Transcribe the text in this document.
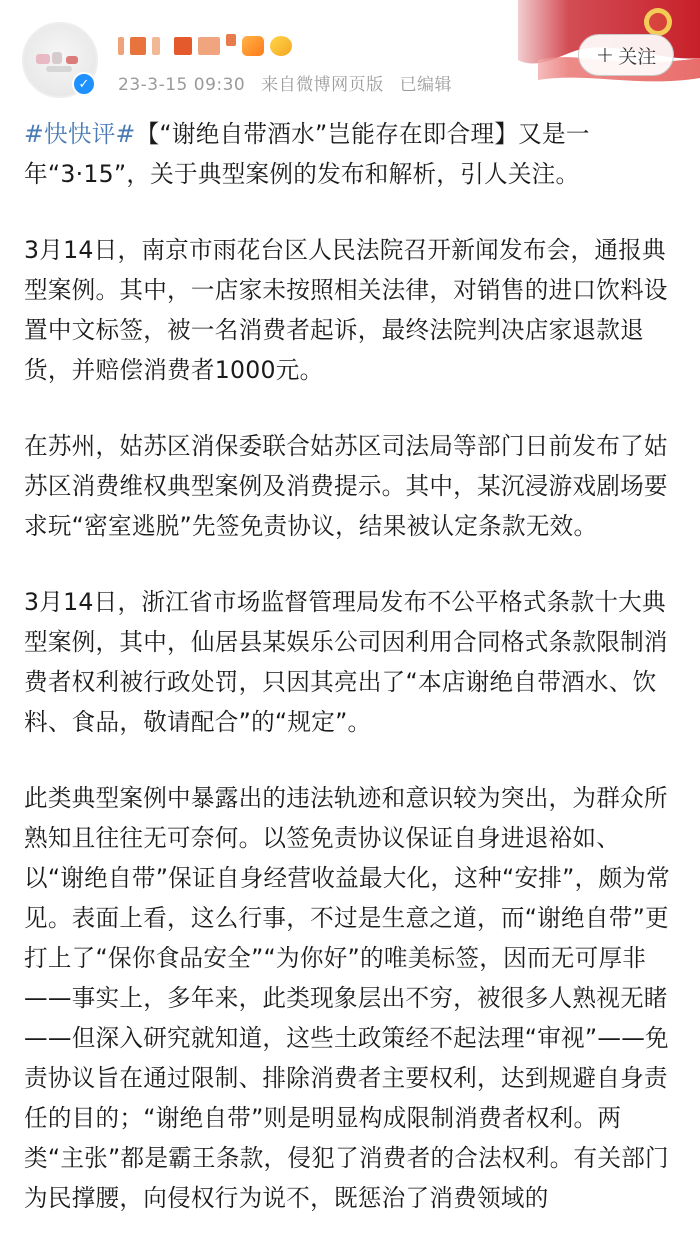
✓	23-3-15 09:30 来自微博网页版 已编辑
+ 关注

#快快评#【“谢绝自带酒水”岂能存在即合理】又是一年“3·15”，关于典型案例的发布和解析，引人关注。

3月14日，南京市雨花台区人民法院召开新闻发布会，通报典型案例。其中，一店家未按照相关法律，对销售的进口饮料设置中文标签，被一名消费者起诉，最终法院判决店家退款退货，并赔偿消费者1000元。

在苏州，姑苏区消保委联合姑苏区司法局等部门日前发布了姑苏区消费维权典型案例及消费提示。其中，某沉浸游戏剧场要求玩“密室逃脱”先签免责协议，结果被认定条款无效。

3月14日，浙江省市场监督管理局发布不公平格式条款十大典型案例，其中，仙居县某娱乐公司因利用合同格式条款限制消费者权利被行政处罚，只因其亮出了“本店谢绝自带酒水、饮料、食品，敬请配合”的“规定”。

此类典型案例中暴露出的违法轨迹和意识较为突出，为群众所熟知且往往无可奈何。以签免责协议保证自身进退裕如、以“谢绝自带”保证自身经营收益最大化，这种“安排”，颇为常见。表面上看，这么行事，不过是生意之道，而“谢绝自带”更打上了“保你食品安全”“为你好”的唯美标签，因而无可厚非——事实上，多年来，此类现象层出不穷，被很多人熟视无睹——但深入研究就知道，这些土政策经不起法理“审视”——免责协议旨在通过限制、排除消费者主要权利，达到规避自身责任的目的；“谢绝自带”则是明显构成限制消费者权利。两类“主张”都是霸王条款，侵犯了消费者的合法权利。有关部门为民撑腰，向侵权行为说不，既惩治了消费领域的
